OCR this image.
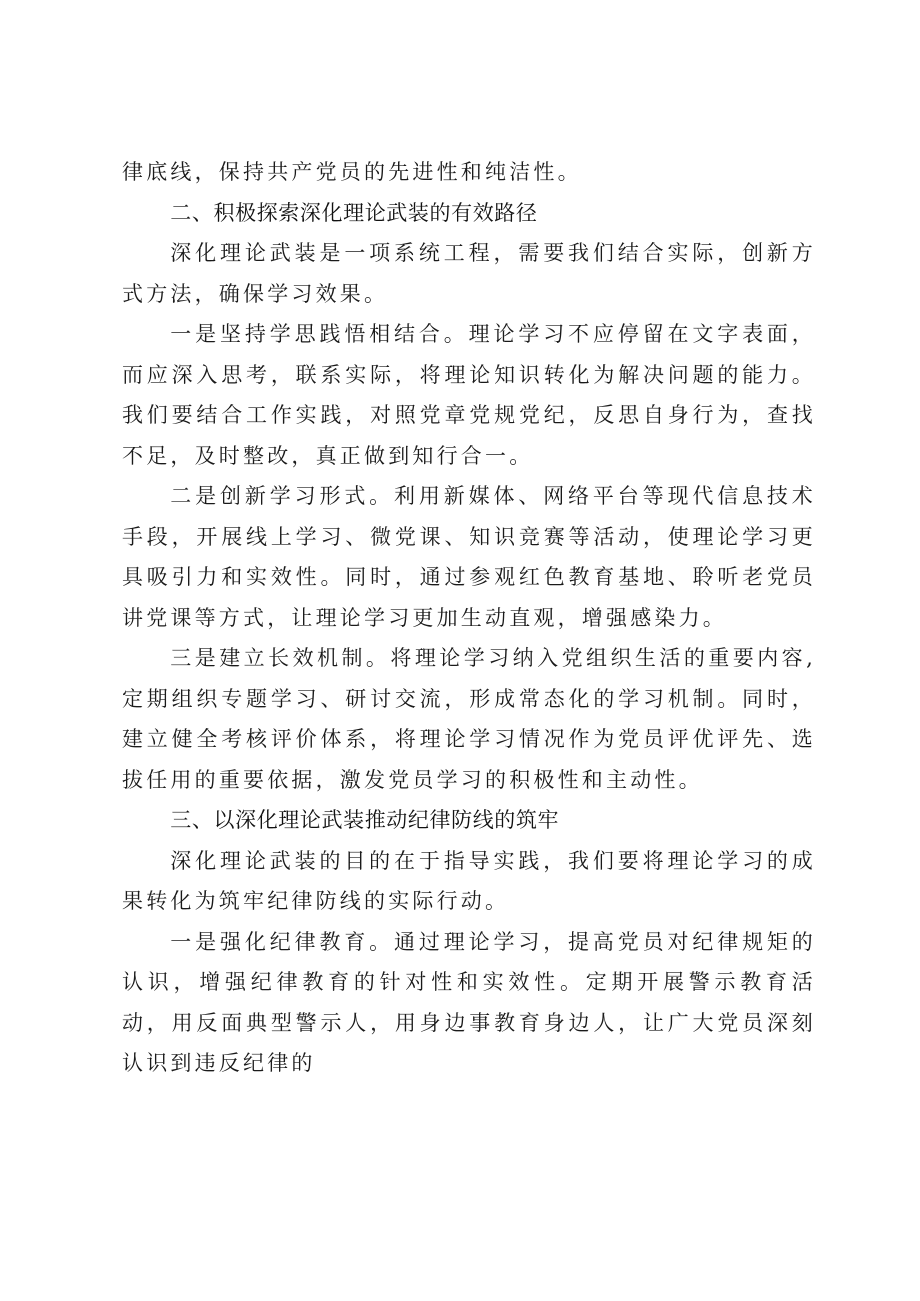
律底线，保持共产党员的先进性和纯洁性。

二、积极探索深化理论武装的有效路径

深化理论武装是一项系统工程，需要我们结合实际，创新方式方法，确保学习效果。

一是坚持学思践悟相结合。理论学习不应停留在文字表面，而应深入思考，联系实际，将理论知识转化为解决问题的能力。我们要结合工作实践，对照党章党规党纪，反思自身行为，查找不足，及时整改，真正做到知行合一。

二是创新学习形式。利用新媒体、网络平台等现代信息技术手段，开展线上学习、微党课、知识竞赛等活动，使理论学习更具吸引力和实效性。同时，通过参观红色教育基地、聆听老党员讲党课等方式，让理论学习更加生动直观，增强感染力。

三是建立长效机制。将理论学习纳入党组织生活的重要内容,定期组织专题学习、研讨交流，形成常态化的学习机制。同时，建立健全考核评价体系，将理论学习情况作为党员评优评先、选拔任用的重要依据，激发党员学习的积极性和主动性。

三、以深化理论武装推动纪律防线的筑牢

深化理论武装的目的在于指导实践，我们要将理论学习的成果转化为筑牢纪律防线的实际行动。

一是强化纪律教育。通过理论学习，提高党员对纪律规矩的认识，增强纪律教育的针对性和实效性。定期开展警示教育活动，用反面典型警示人，用身边事教育身边人，让广大党员深刻认识到违反纪律的
